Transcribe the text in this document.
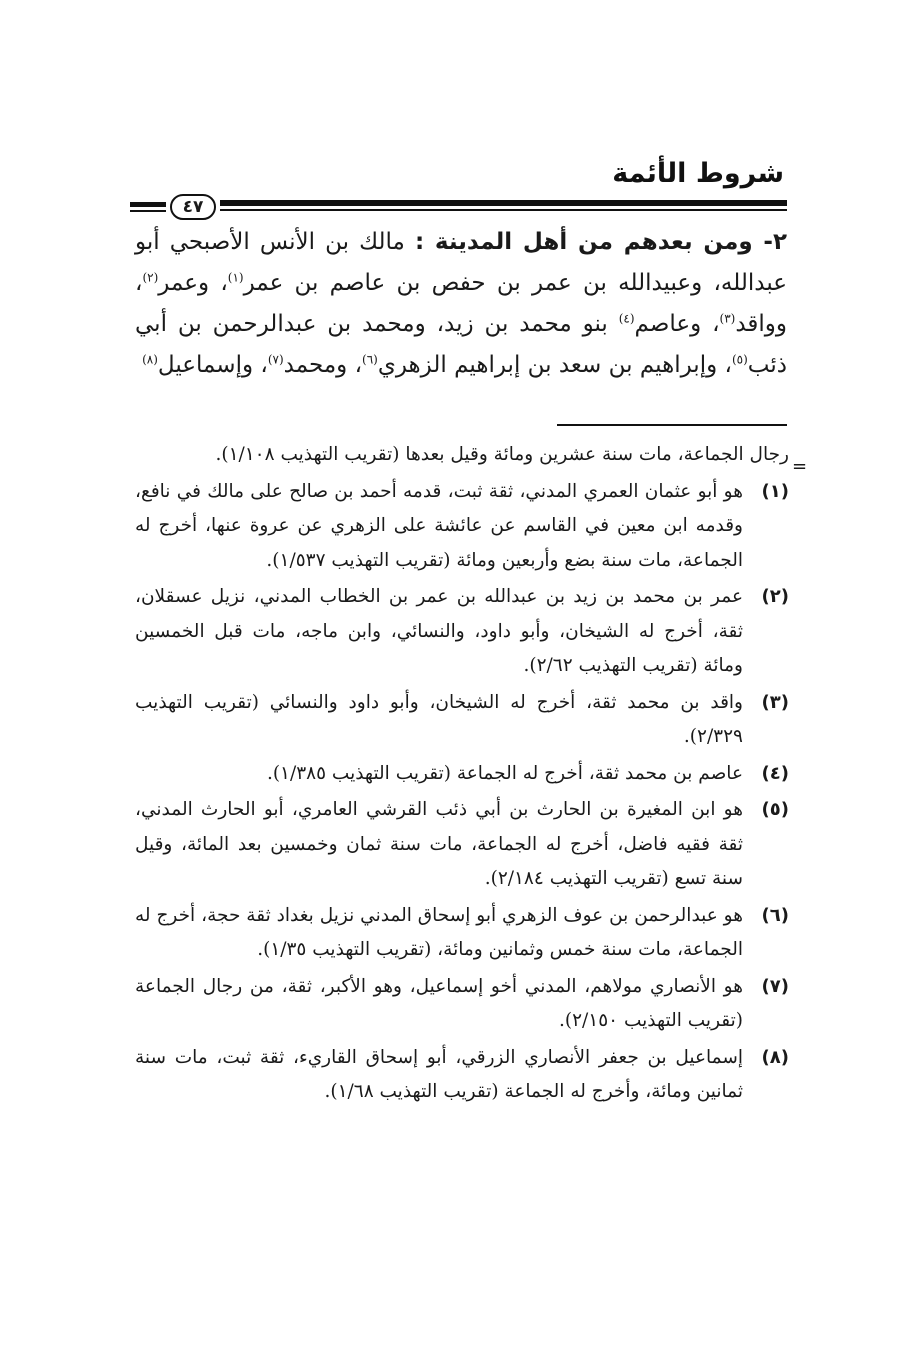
شروط الأئمة
٤٧

٢- ومن بعدهم من أهل المدينة : مالك بن الأنس الأصبحي أبو عبدالله، وعبيدالله بن عمر بن حفص بن عاصم بن عمر$^{(١)}$، وعمر$^{(٢)}$، وواقد$^{(٣)}$، وعاصم$^{(٤)}$ بنو محمد بن زيد، ومحمد بن عبدالرحمن بن أبي ذئب$^{(٥)}$، وإبراهيم بن سعد بن إبراهيم الزهري$^{(٦)}$، ومحمد$^{(٧)}$، وإسماعيل$^{(٨)}$

=

رجال الجماعة، مات سنة عشرين ومائة وقيل بعدها (تقريب التهذيب ١/١٠٨).

(١)
هو أبو عثمان العمري المدني، ثقة ثبت، قدمه أحمد بن صالح على مالك في نافع، وقدمه ابن معين في القاسم عن عائشة على الزهري عن عروة عنها، أخرج له الجماعة، مات سنة بضع وأربعين ومائة (تقريب التهذيب ١/٥٣٧).
(٢)
عمر بن محمد بن زيد بن عبدالله بن عمر بن الخطاب المدني، نزيل عسقلان، ثقة، أخرج له الشيخان، وأبو داود، والنسائي، وابن ماجه، مات قبل الخمسين ومائة (تقريب التهذيب ٢/٦٢).
(٣)
واقد بن محمد ثقة، أخرج له الشيخان، وأبو داود والنسائي (تقريب التهذيب ٢/٣٢٩).
(٤)
عاصم بن محمد ثقة، أخرج له الجماعة (تقريب التهذيب ١/٣٨٥).
(٥)
هو ابن المغيرة بن الحارث بن أبي ذئب القرشي العامري، أبو الحارث المدني، ثقة فقيه فاضل، أخرج له الجماعة، مات سنة ثمان وخمسين بعد المائة، وقيل سنة تسع (تقريب التهذيب ٢/١٨٤).
(٦)
هو عبدالرحمن بن عوف الزهري أبو إسحاق المدني نزيل بغداد ثقة حجة، أخرج له الجماعة، مات سنة خمس وثمانين ومائة، (تقريب التهذيب ١/٣٥).
(٧)
هو الأنصاري مولاهم، المدني أخو إسماعيل، وهو الأكبر، ثقة، من رجال الجماعة (تقريب التهذيب ٢/١٥٠).
(٨)
إسماعيل بن جعفر الأنصاري الزرقي، أبو إسحاق القاريء، ثقة ثبت، مات سنة ثمانين ومائة، وأخرج له الجماعة (تقريب التهذيب ١/٦٨).
